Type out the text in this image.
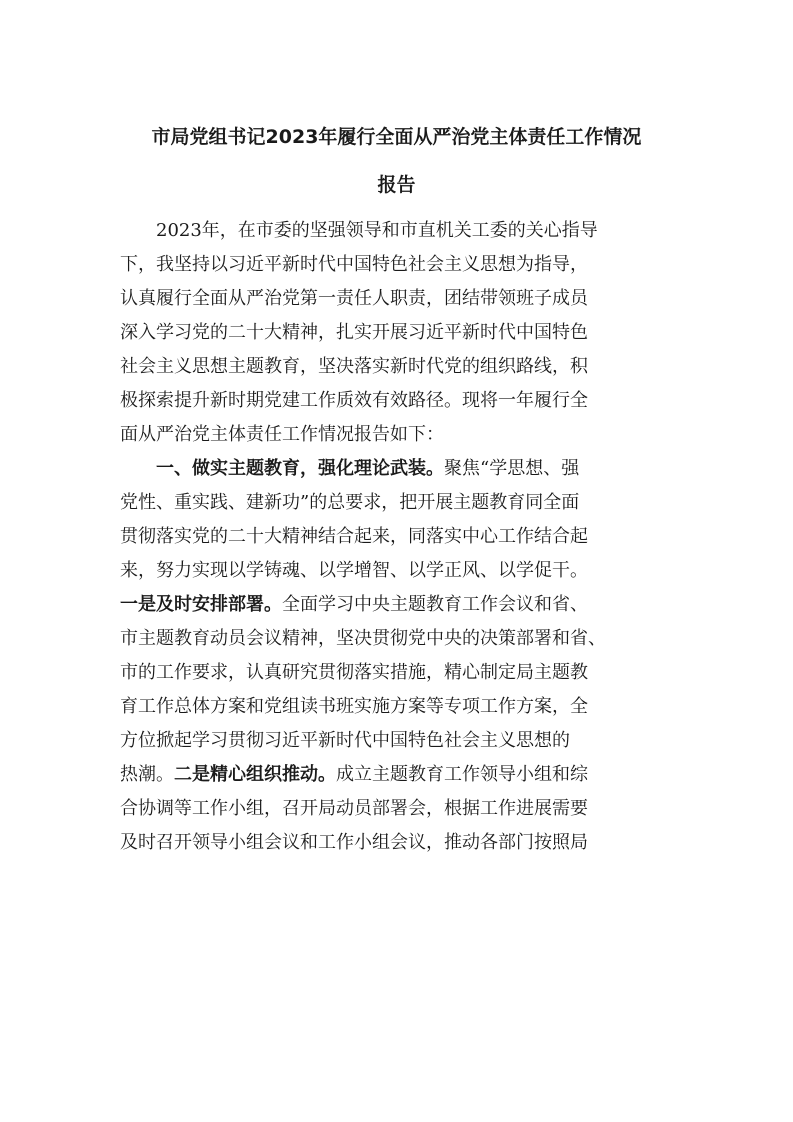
市局党组书记2023年履行全面从严治党主体责任工作情况
报告
2023年，在市委的坚强领导和市直机关工委的关心指导
下，我坚持以习近平新时代中国特色社会主义思想为指导，
认真履行全面从严治党第一责任人职责，团结带领班子成员
深入学习党的二十大精神，扎实开展习近平新时代中国特色
社会主义思想主题教育，坚决落实新时代党的组织路线，积
极探索提升新时期党建工作质效有效路径。现将一年履行全
面从严治党主体责任工作情况报告如下：
一、做实主题教育，强化理论武装。聚焦“学思想、强
党性、重实践、建新功”的总要求，把开展主题教育同全面
贯彻落实党的二十大精神结合起来，同落实中心工作结合起
来，努力实现以学铸魂、以学增智、以学正风、以学促干。
一是及时安排部署。全面学习中央主题教育工作会议和省、
市主题教育动员会议精神，坚决贯彻党中央的决策部署和省、
市的工作要求，认真研究贯彻落实措施，精心制定局主题教
育工作总体方案和党组读书班实施方案等专项工作方案，全
方位掀起学习贯彻习近平新时代中国特色社会主义思想的
热潮。二是精心组织推动。成立主题教育工作领导小组和综
合协调等工作小组，召开局动员部署会，根据工作进展需要
及时召开领导小组会议和工作小组会议，推动各部门按照局
